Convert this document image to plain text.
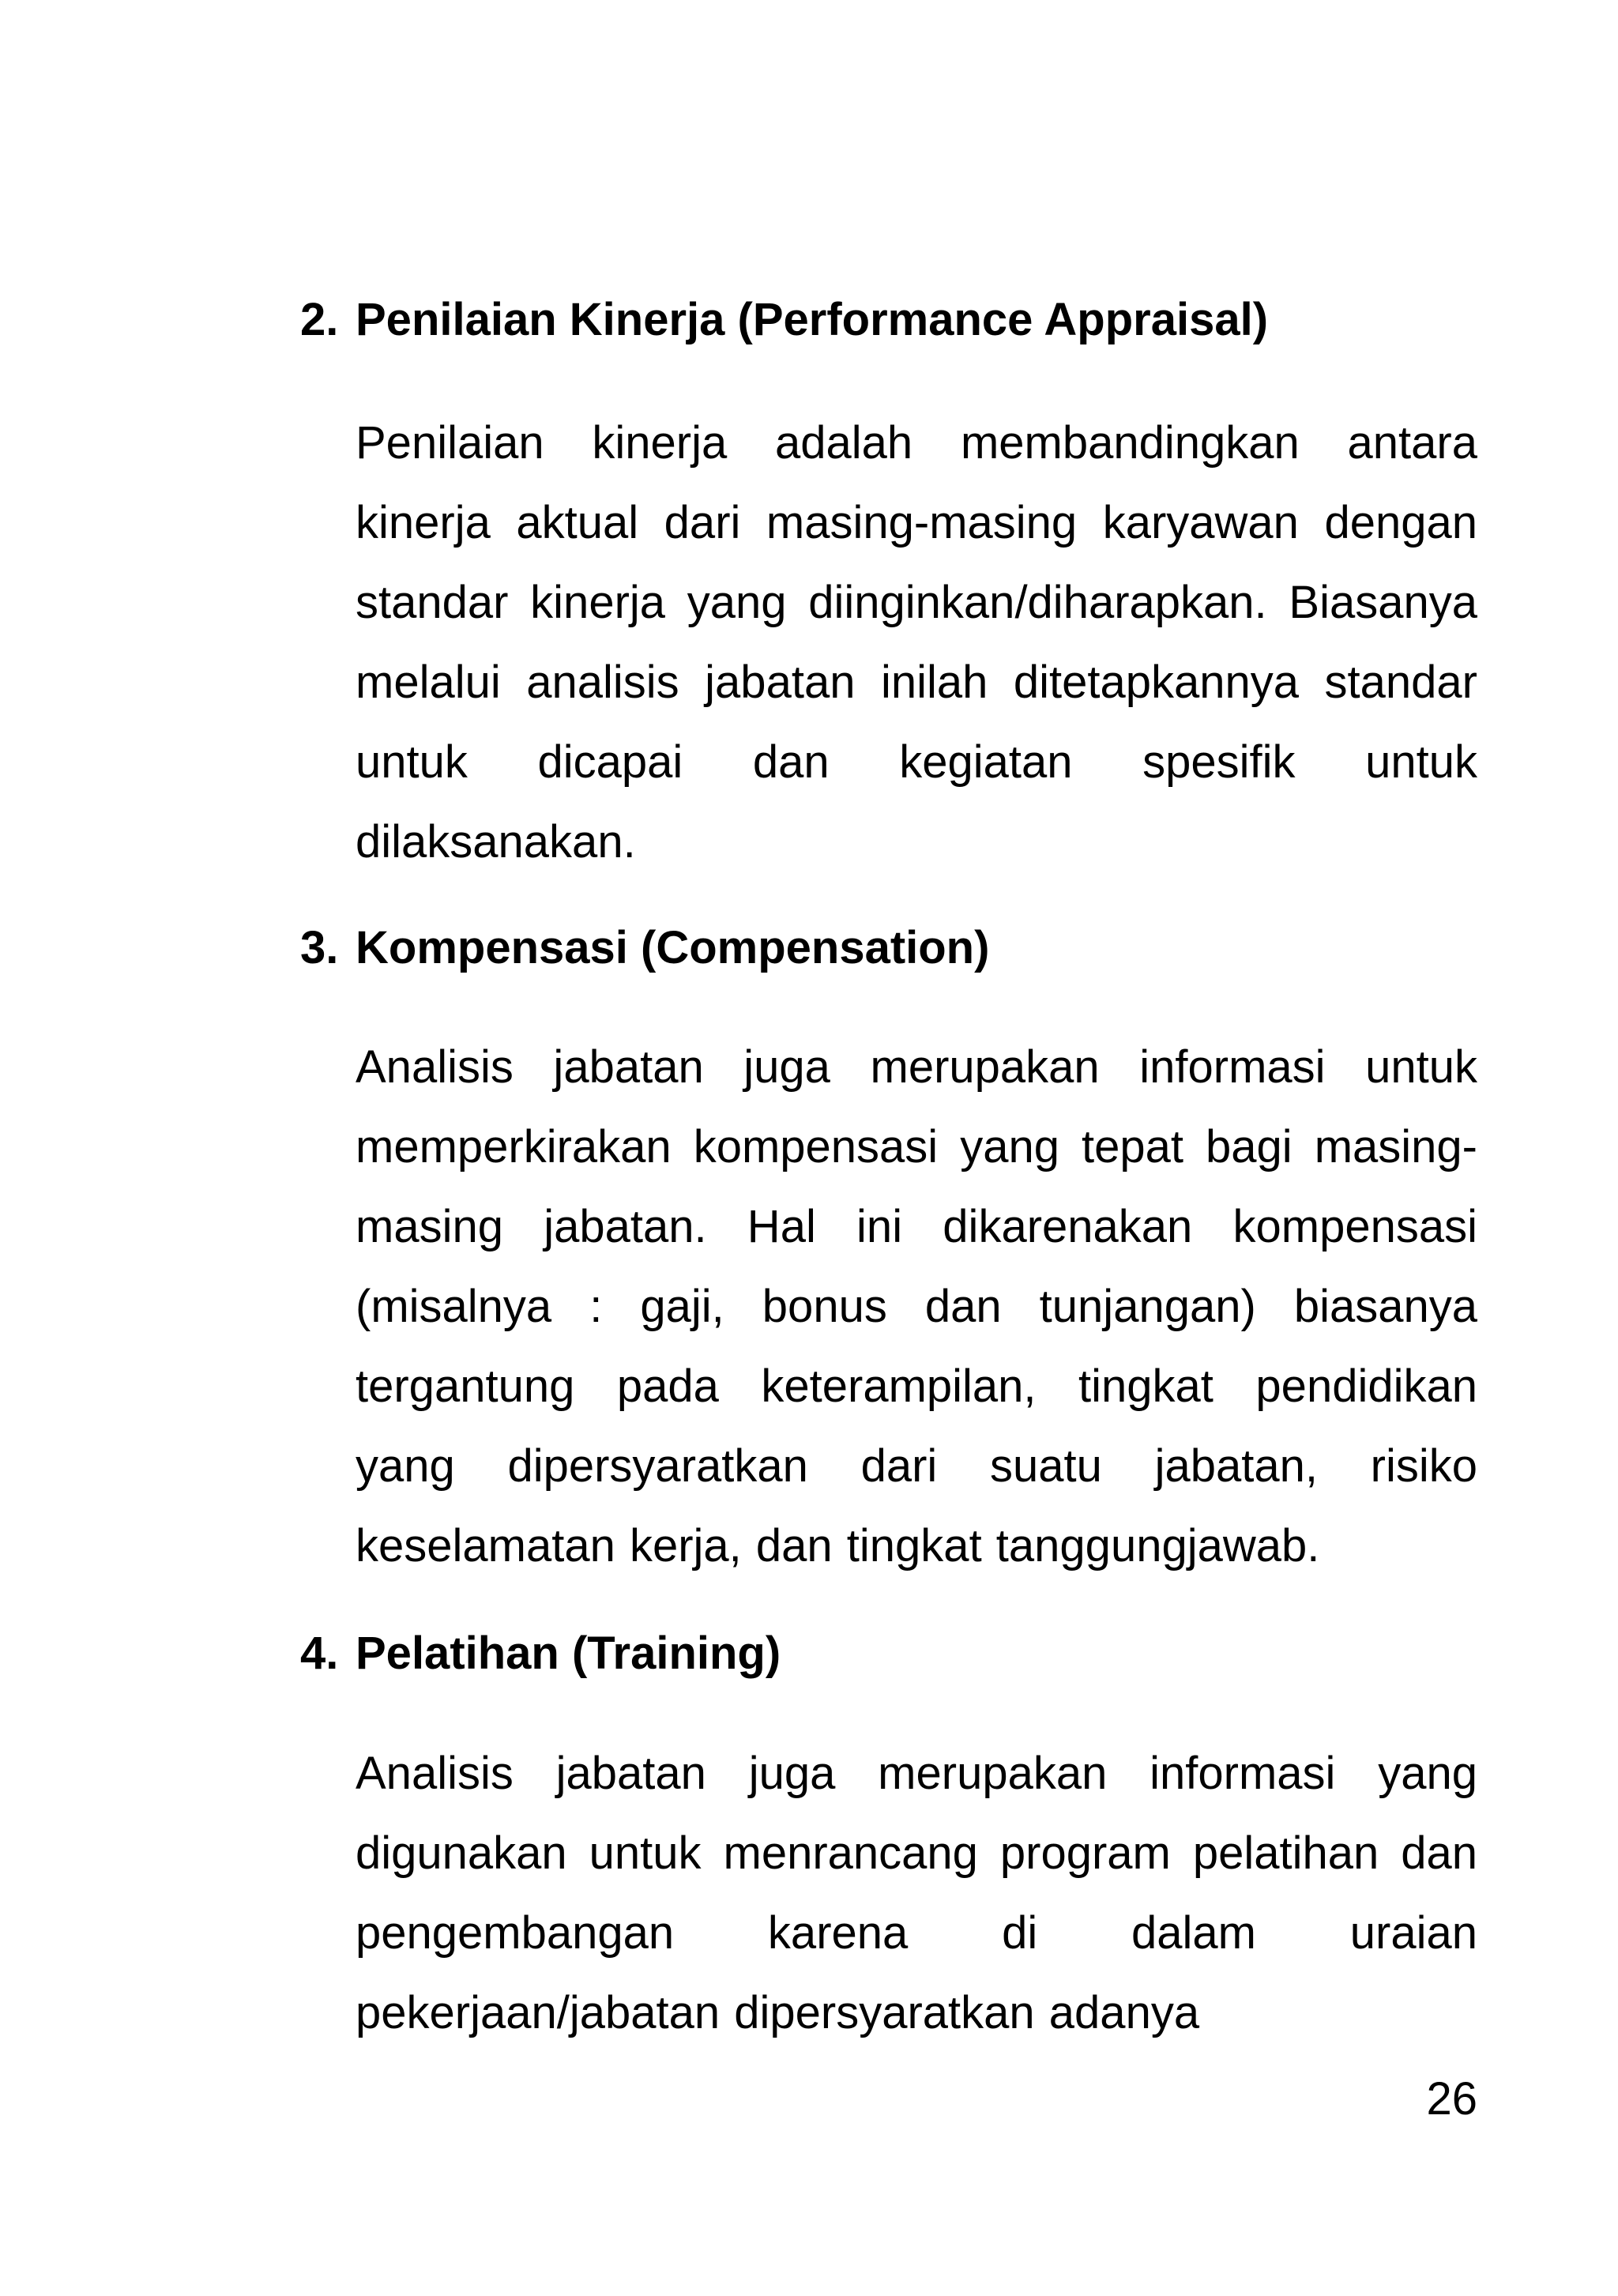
2. Penilaian Kinerja (Performance Appraisal)
Penilaian kinerja adalah membandingkan antara kinerja aktual dari masing-masing karyawan dengan standar kinerja yang diinginkan/diharapkan. Biasanya melalui analisis jabatan inilah ditetapkannya standar untuk dicapai dan kegiatan spesifik untuk dilaksanakan.
3. Kompensasi (Compensation)
Analisis jabatan juga merupakan informasi untuk memperkirakan kompensasi yang tepat bagi masing-masing jabatan. Hal ini dikarenakan kompensasi (misalnya : gaji, bonus dan tunjangan) biasanya tergantung pada keterampilan, tingkat pendidikan yang dipersyaratkan dari suatu jabatan, risiko keselamatan kerja, dan tingkat tanggungjawab.
4. Pelatihan (Training)
Analisis jabatan juga merupakan informasi yang digunakan untuk menrancang program pelatihan dan pengembangan karena di dalam uraian pekerjaan/jabatan dipersyaratkan adanya
26
